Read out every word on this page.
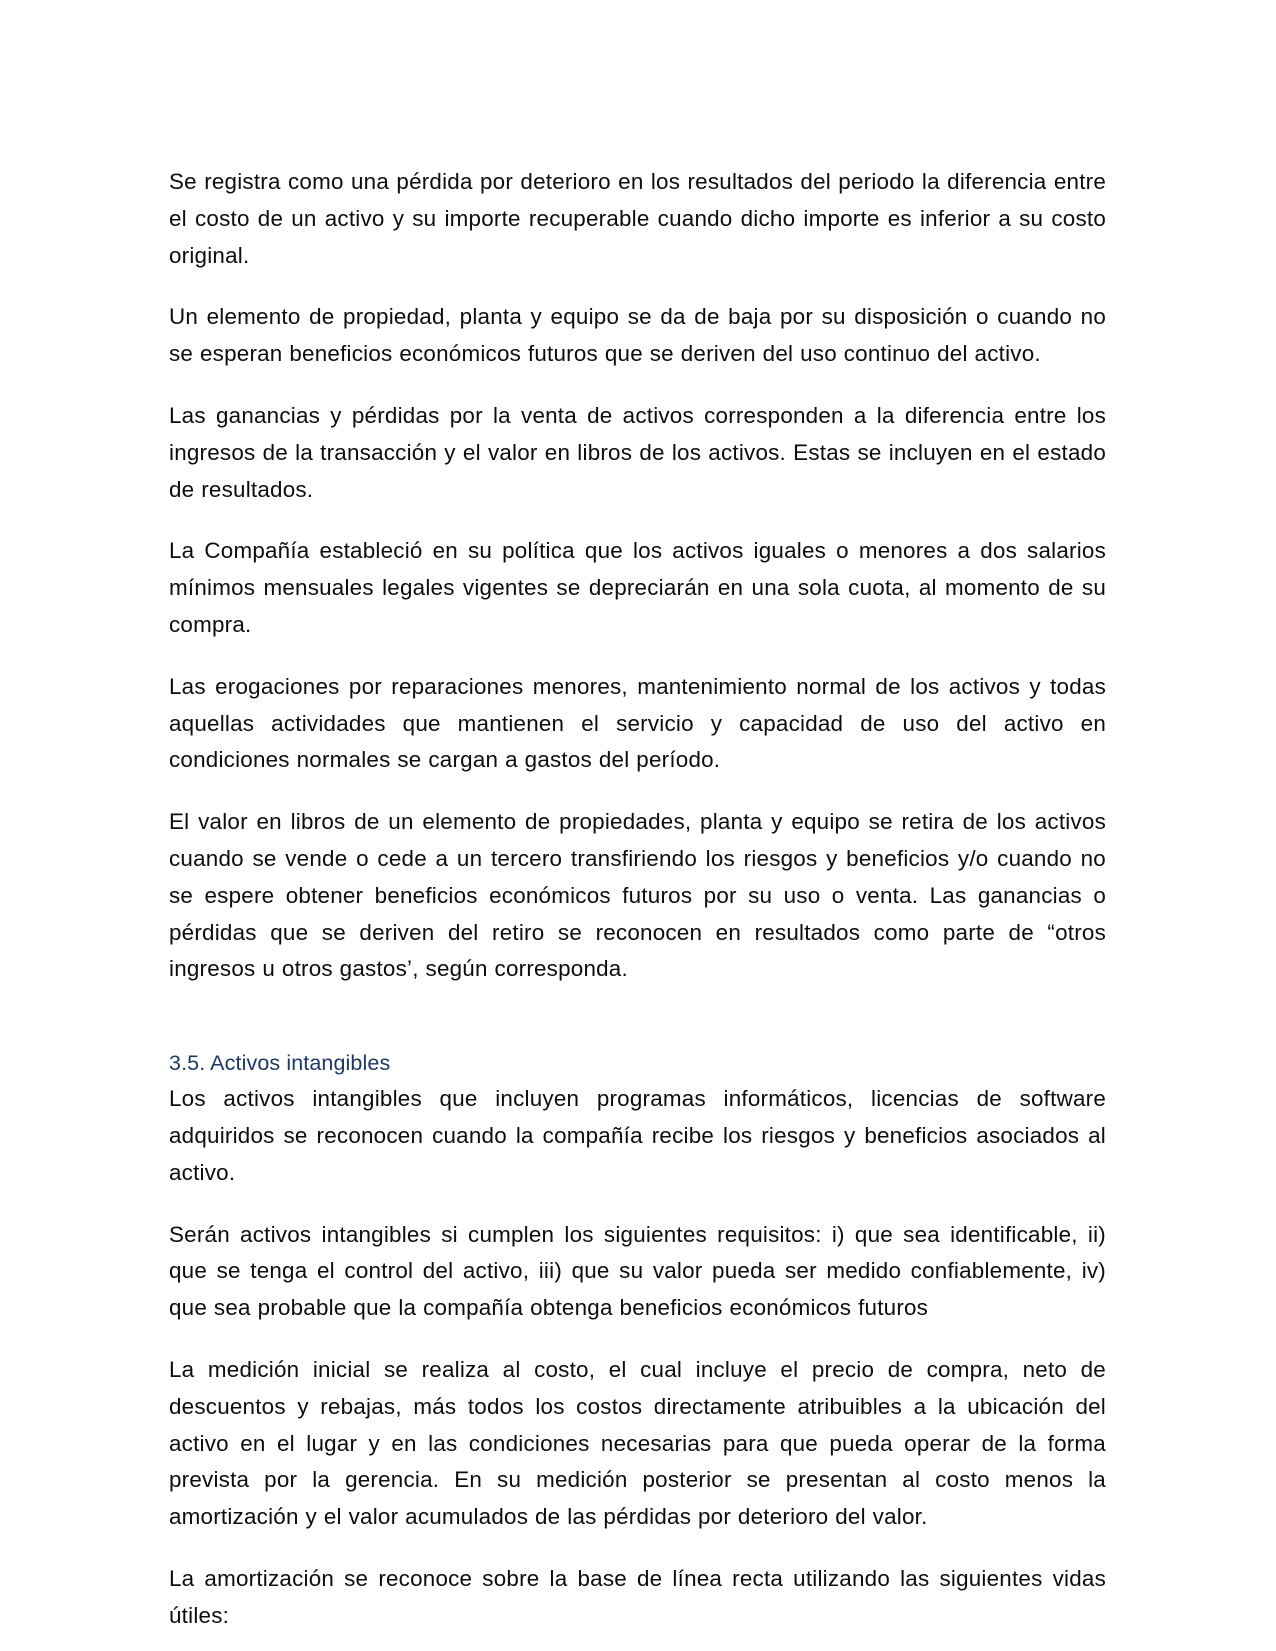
Se registra como una pérdida por deterioro en los resultados del periodo la diferencia entre el costo de un activo y su importe recuperable cuando dicho importe es inferior a su costo original.

Un elemento de propiedad, planta y equipo se da de baja por su disposición o cuando no se esperan beneficios económicos futuros que se deriven del uso continuo del activo.

Las ganancias y pérdidas por la venta de activos corresponden a la diferencia entre los ingresos de la transacción y el valor en libros de los activos. Estas se incluyen en el estado de resultados.

La Compañía estableció en su política que los activos iguales o menores a dos salarios mínimos mensuales legales vigentes se depreciarán en una sola cuota, al momento de su compra.

Las erogaciones por reparaciones menores, mantenimiento normal de los activos y todas aquellas actividades que mantienen el servicio y capacidad de uso del activo en condiciones normales se cargan a gastos del período.

El valor en libros de un elemento de propiedades, planta y equipo se retira de los activos cuando se vende o cede a un tercero transfiriendo los riesgos y beneficios y/o cuando no se espere obtener beneficios económicos futuros por su uso o venta. Las ganancias o pérdidas que se deriven del retiro se reconocen en resultados como parte de “otros ingresos u otros gastos’, según corresponda.

3.5. Activos intangibles

Los activos intangibles que incluyen programas informáticos, licencias de software adquiridos se reconocen cuando la compañía recibe los riesgos y beneficios asociados al activo.

Serán activos intangibles si cumplen los siguientes requisitos: i) que sea identificable, ii) que se tenga el control del activo, iii) que su valor pueda ser medido confiablemente, iv) que sea probable que la compañía obtenga beneficios económicos futuros

La medición inicial se realiza al costo, el cual incluye el precio de compra, neto de descuentos y rebajas, más todos los costos directamente atribuibles a la ubicación del activo en el lugar y en las condiciones necesarias para que pueda operar de la forma prevista por la gerencia. En su medición posterior se presentan al costo menos la amortización y el valor acumulados de las pérdidas por deterioro del valor.

La amortización se reconoce sobre la base de línea recta utilizando las siguientes vidas útiles:
